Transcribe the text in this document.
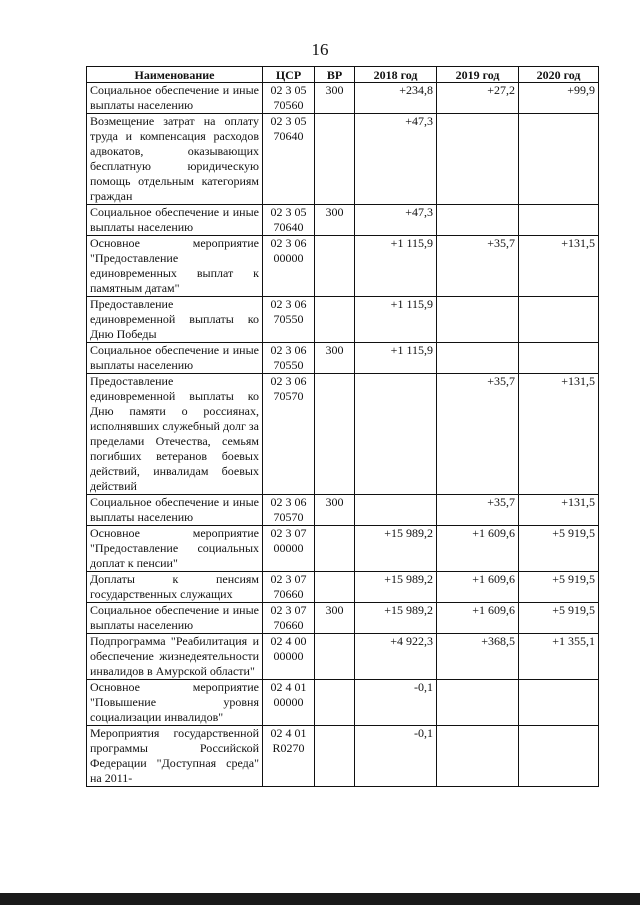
16
Наименование	ЦСР	ВР	2018 год	2019 год	2020 год
Социальное обеспечение и иные выплаты населению	02 3 05 70560	300	+234,8	+27,2	+99,9
Возмещение затрат на оплату труда и компенсация расходов адвокатов, оказывающих бесплатную юридическую помощь отдельным категориям граждан	02 3 05 70640		+47,3		
Социальное обеспечение и иные выплаты населению	02 3 05 70640	300	+47,3		
Основное мероприятие "Предоставление единовременных выплат к памятным датам"	02 3 06 00000		+1 115,9	+35,7	+131,5
Предоставление единовременной выплаты ко Дню Победы	02 3 06 70550		+1 115,9		
Социальное обеспечение и иные выплаты населению	02 3 06 70550	300	+1 115,9		
Предоставление единовременной выплаты ко Дню памяти о россиянах, исполнявших служебный долг за пределами Отечества, семьям погибших ветеранов боевых действий, инвалидам боевых действий	02 3 06 70570			+35,7	+131,5
Социальное обеспечение и иные выплаты населению	02 3 06 70570	300		+35,7	+131,5
Основное мероприятие "Предоставление социальных доплат к пенсии"	02 3 07 00000		+15 989,2	+1 609,6	+5 919,5
Доплаты к пенсиям государственных служащих	02 3 07 70660		+15 989,2	+1 609,6	+5 919,5
Социальное обеспечение и иные выплаты населению	02 3 07 70660	300	+15 989,2	+1 609,6	+5 919,5
Подпрограмма "Реабилитация и обеспечение жизнедеятельности инвалидов в Амурской области"	02 4 00 00000		+4 922,3	+368,5	+1 355,1
Основное мероприятие "Повышение уровня социализации инвалидов"	02 4 01 00000		-0,1		
Мероприятия государственной программы Российской Федерации "Доступная среда" на 2011-	02 4 01 R0270		-0,1		
